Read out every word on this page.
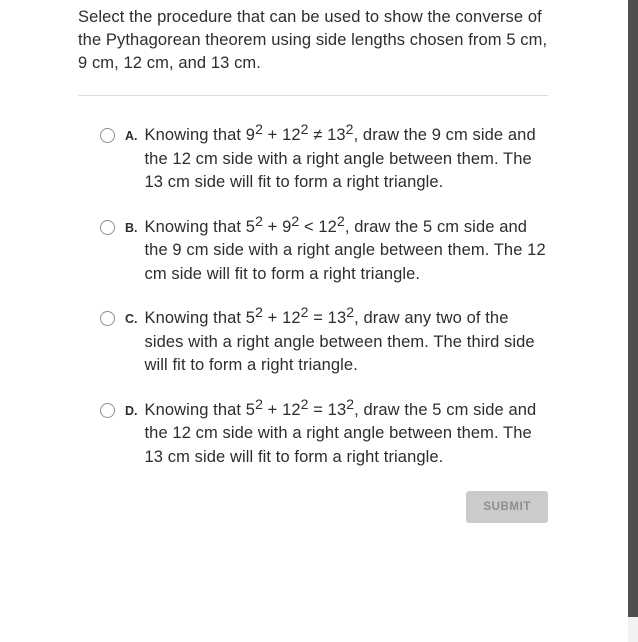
Select the procedure that can be used to show the converse of the Pythagorean theorem using side lengths chosen from 5 cm, 9 cm, 12 cm, and 13 cm.
A. Knowing that $9^2 + 12^2 \ne 13^2$, draw the 9 cm side and the 12 cm side with a right angle between them. The 13 cm side will fit to form a right triangle.
B. Knowing that $5^2 + 9^2 < 12^2$, draw the 5 cm side and the 9 cm side with a right angle between them. The 12 cm side will fit to form a right triangle.
C. Knowing that $5^2 + 12^2 = 13^2$, draw any two of the sides with a right angle between them. The third side will fit to form a right triangle.
D. Knowing that $5^2 + 12^2 = 13^2$, draw the 5 cm side and the 12 cm side with a right angle between them. The 13 cm side will fit to form a right triangle.
SUBMIT
